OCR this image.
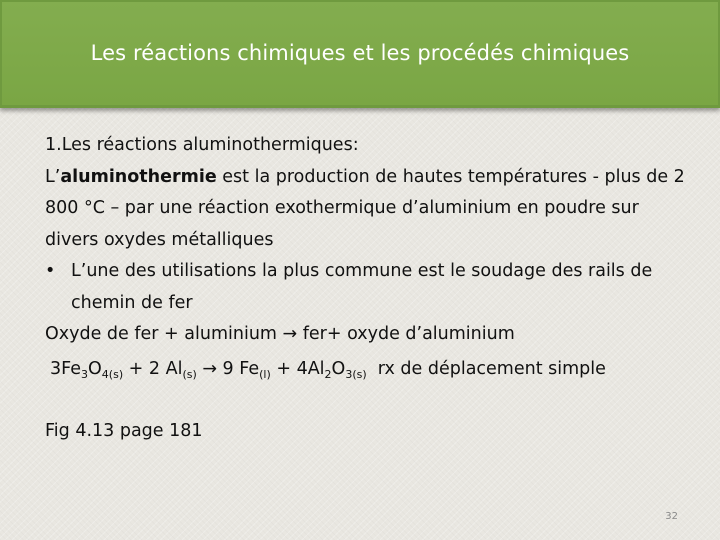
Les réactions chimiques et les procédés chimiques

1.Les réactions aluminothermiques:

L’aluminothermie est la production de hautes températures - plus de 2 800 °C – par une réaction exothermique d’aluminium en poudre sur divers oxydes métalliques

• L’une des utilisations la plus commune est le soudage des rails de chemin de fer

Oxyde de fer + aluminium → fer+ oxyde d’aluminium

$3Fe_3O_{4(s)} + 2$ $Al_{(s)} \to 9$ $Fe_{(l)} + 4Al_2O_{3(s)}$  rx de déplacement simple

Fig 4.13 page 181

32
